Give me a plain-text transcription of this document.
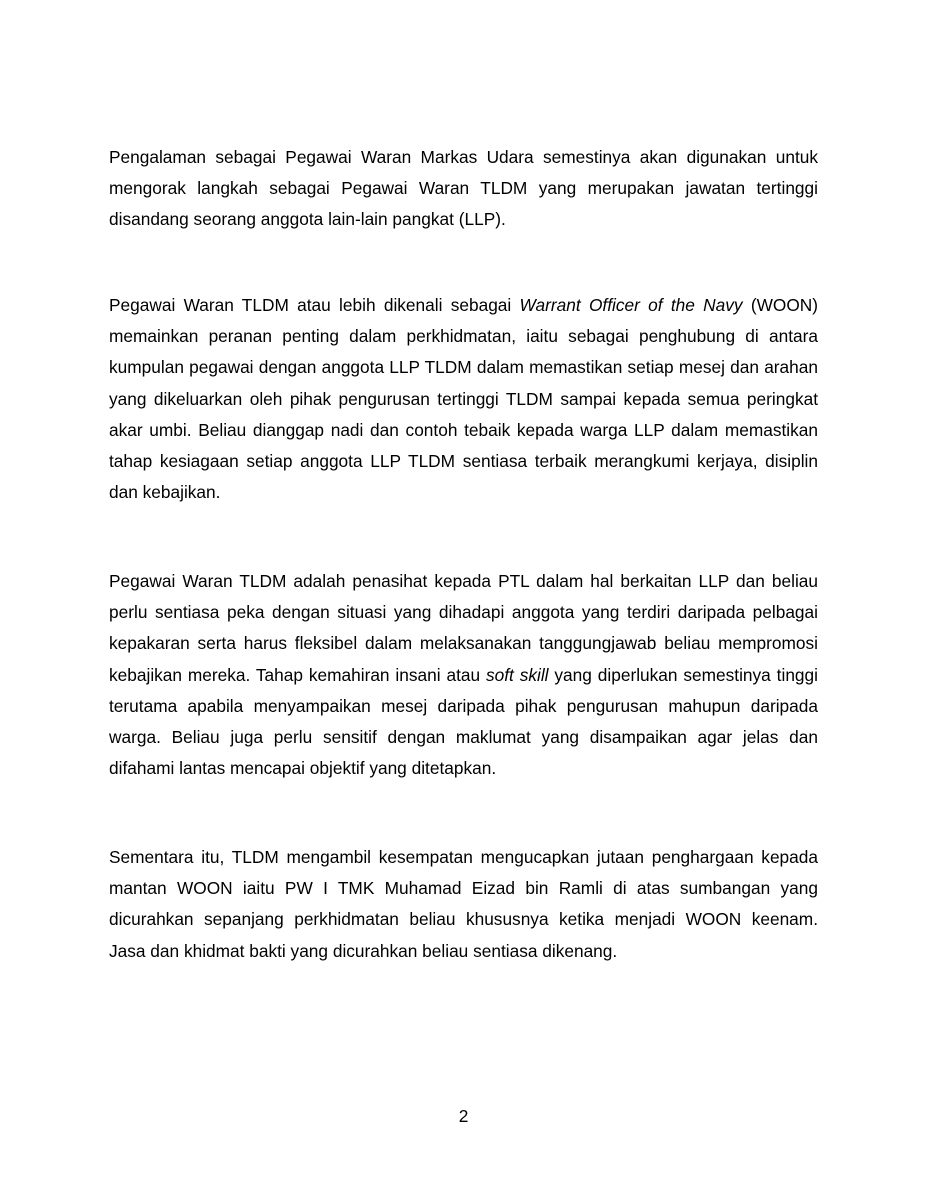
Pengalaman sebagai Pegawai Waran Markas Udara semestinya akan digunakan untuk mengorak langkah sebagai Pegawai Waran TLDM yang merupakan jawatan tertinggi disandang seorang anggota lain-lain pangkat (LLP).

Pegawai Waran TLDM atau lebih dikenali sebagai Warrant Officer of the Navy (WOON) memainkan peranan penting dalam perkhidmatan, iaitu sebagai penghubung di antara kumpulan pegawai dengan anggota LLP TLDM dalam memastikan setiap mesej dan arahan yang dikeluarkan oleh pihak pengurusan tertinggi TLDM sampai kepada semua peringkat akar umbi. Beliau dianggap nadi dan contoh tebaik kepada warga LLP dalam memastikan tahap kesiagaan setiap anggota LLP TLDM sentiasa terbaik merangkumi kerjaya, disiplin dan kebajikan.

Pegawai Waran TLDM adalah penasihat kepada PTL dalam hal berkaitan LLP dan beliau perlu sentiasa peka dengan situasi yang dihadapi anggota yang terdiri daripada pelbagai kepakaran serta harus fleksibel dalam melaksanakan tanggungjawab beliau mempromosi kebajikan mereka. Tahap kemahiran insani atau soft skill yang diperlukan semestinya tinggi terutama apabila menyampaikan mesej daripada pihak pengurusan mahupun daripada warga. Beliau juga perlu sensitif dengan maklumat yang disampaikan agar jelas dan difahami lantas mencapai objektif yang ditetapkan.

Sementara itu, TLDM mengambil kesempatan mengucapkan jutaan penghargaan kepada mantan WOON iaitu PW I TMK Muhamad Eizad bin Ramli di atas sumbangan yang dicurahkan sepanjang perkhidmatan beliau khususnya ketika menjadi WOON keenam.  Jasa dan khidmat bakti yang dicurahkan beliau sentiasa dikenang.

2
